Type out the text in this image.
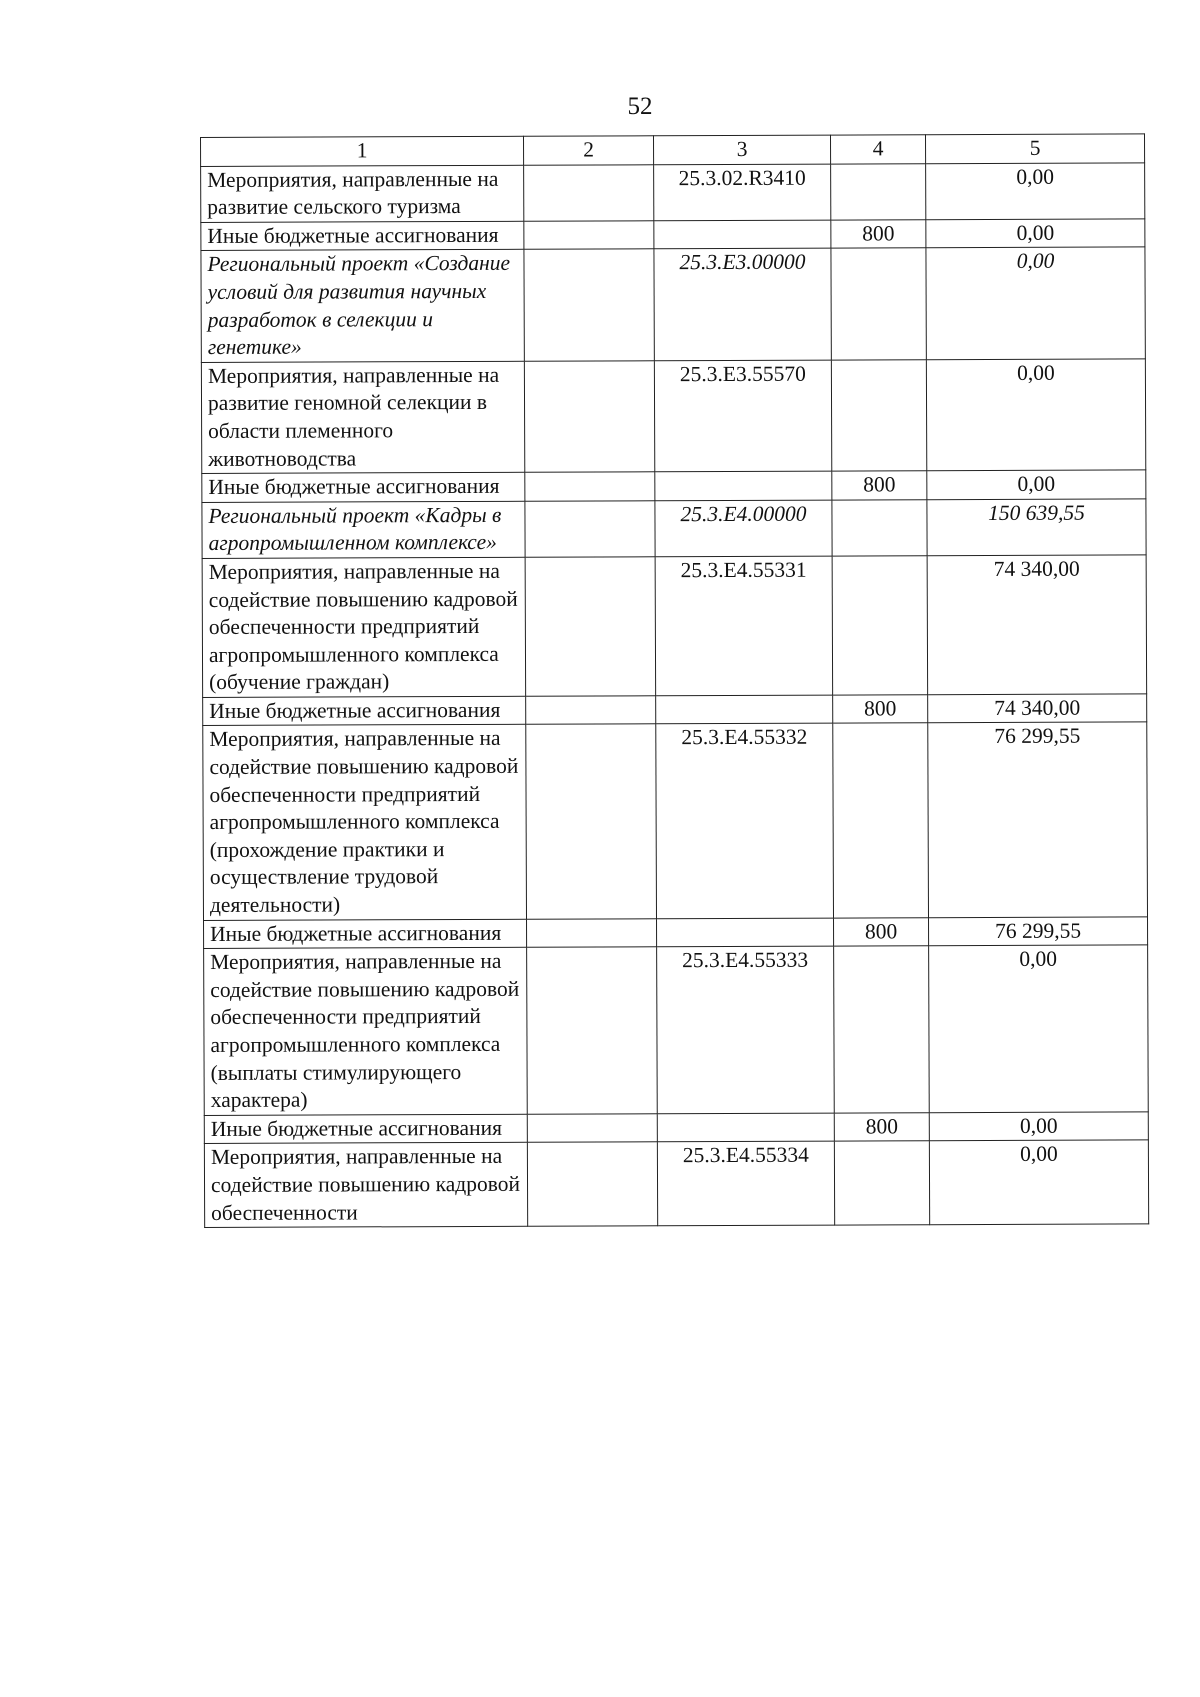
52
1	2	3	4	5
Мероприятия, направленные на развитие сельского туризма		25.3.02.R3410		0,00
Иные бюджетные ассигнования			800	0,00
Региональный проект «Создание условий для развития научных разработок в селекции и генетике»		25.3.E3.00000		0,00
Мероприятия, направленные на развитие геномной селекции в области племенного животноводства		25.3.E3.55570		0,00
Иные бюджетные ассигнования			800	0,00
Региональный проект «Кадры в агропромышленном комплексе»		25.3.E4.00000		150 639,55
Мероприятия, направленные на содействие повышению кадровой обеспеченности предприятий агропромышленного комплекса (обучение граждан)		25.3.E4.55331		74 340,00
Иные бюджетные ассигнования			800	74 340,00
Мероприятия, направленные на содействие повышению кадровой обеспеченности предприятий агропромышленного комплекса (прохождение практики и осуществление трудовой деятельности)		25.3.E4.55332		76 299,55
Иные бюджетные ассигнования			800	76 299,55
Мероприятия, направленные на содействие повышению кадровой обеспеченности предприятий агропромышленного комплекса (выплаты стимулирующего характера)		25.3.E4.55333		0,00
Иные бюджетные ассигнования			800	0,00
Мероприятия, направленные на содействие повышению кадровой обеспеченности		25.3.E4.55334		0,00
